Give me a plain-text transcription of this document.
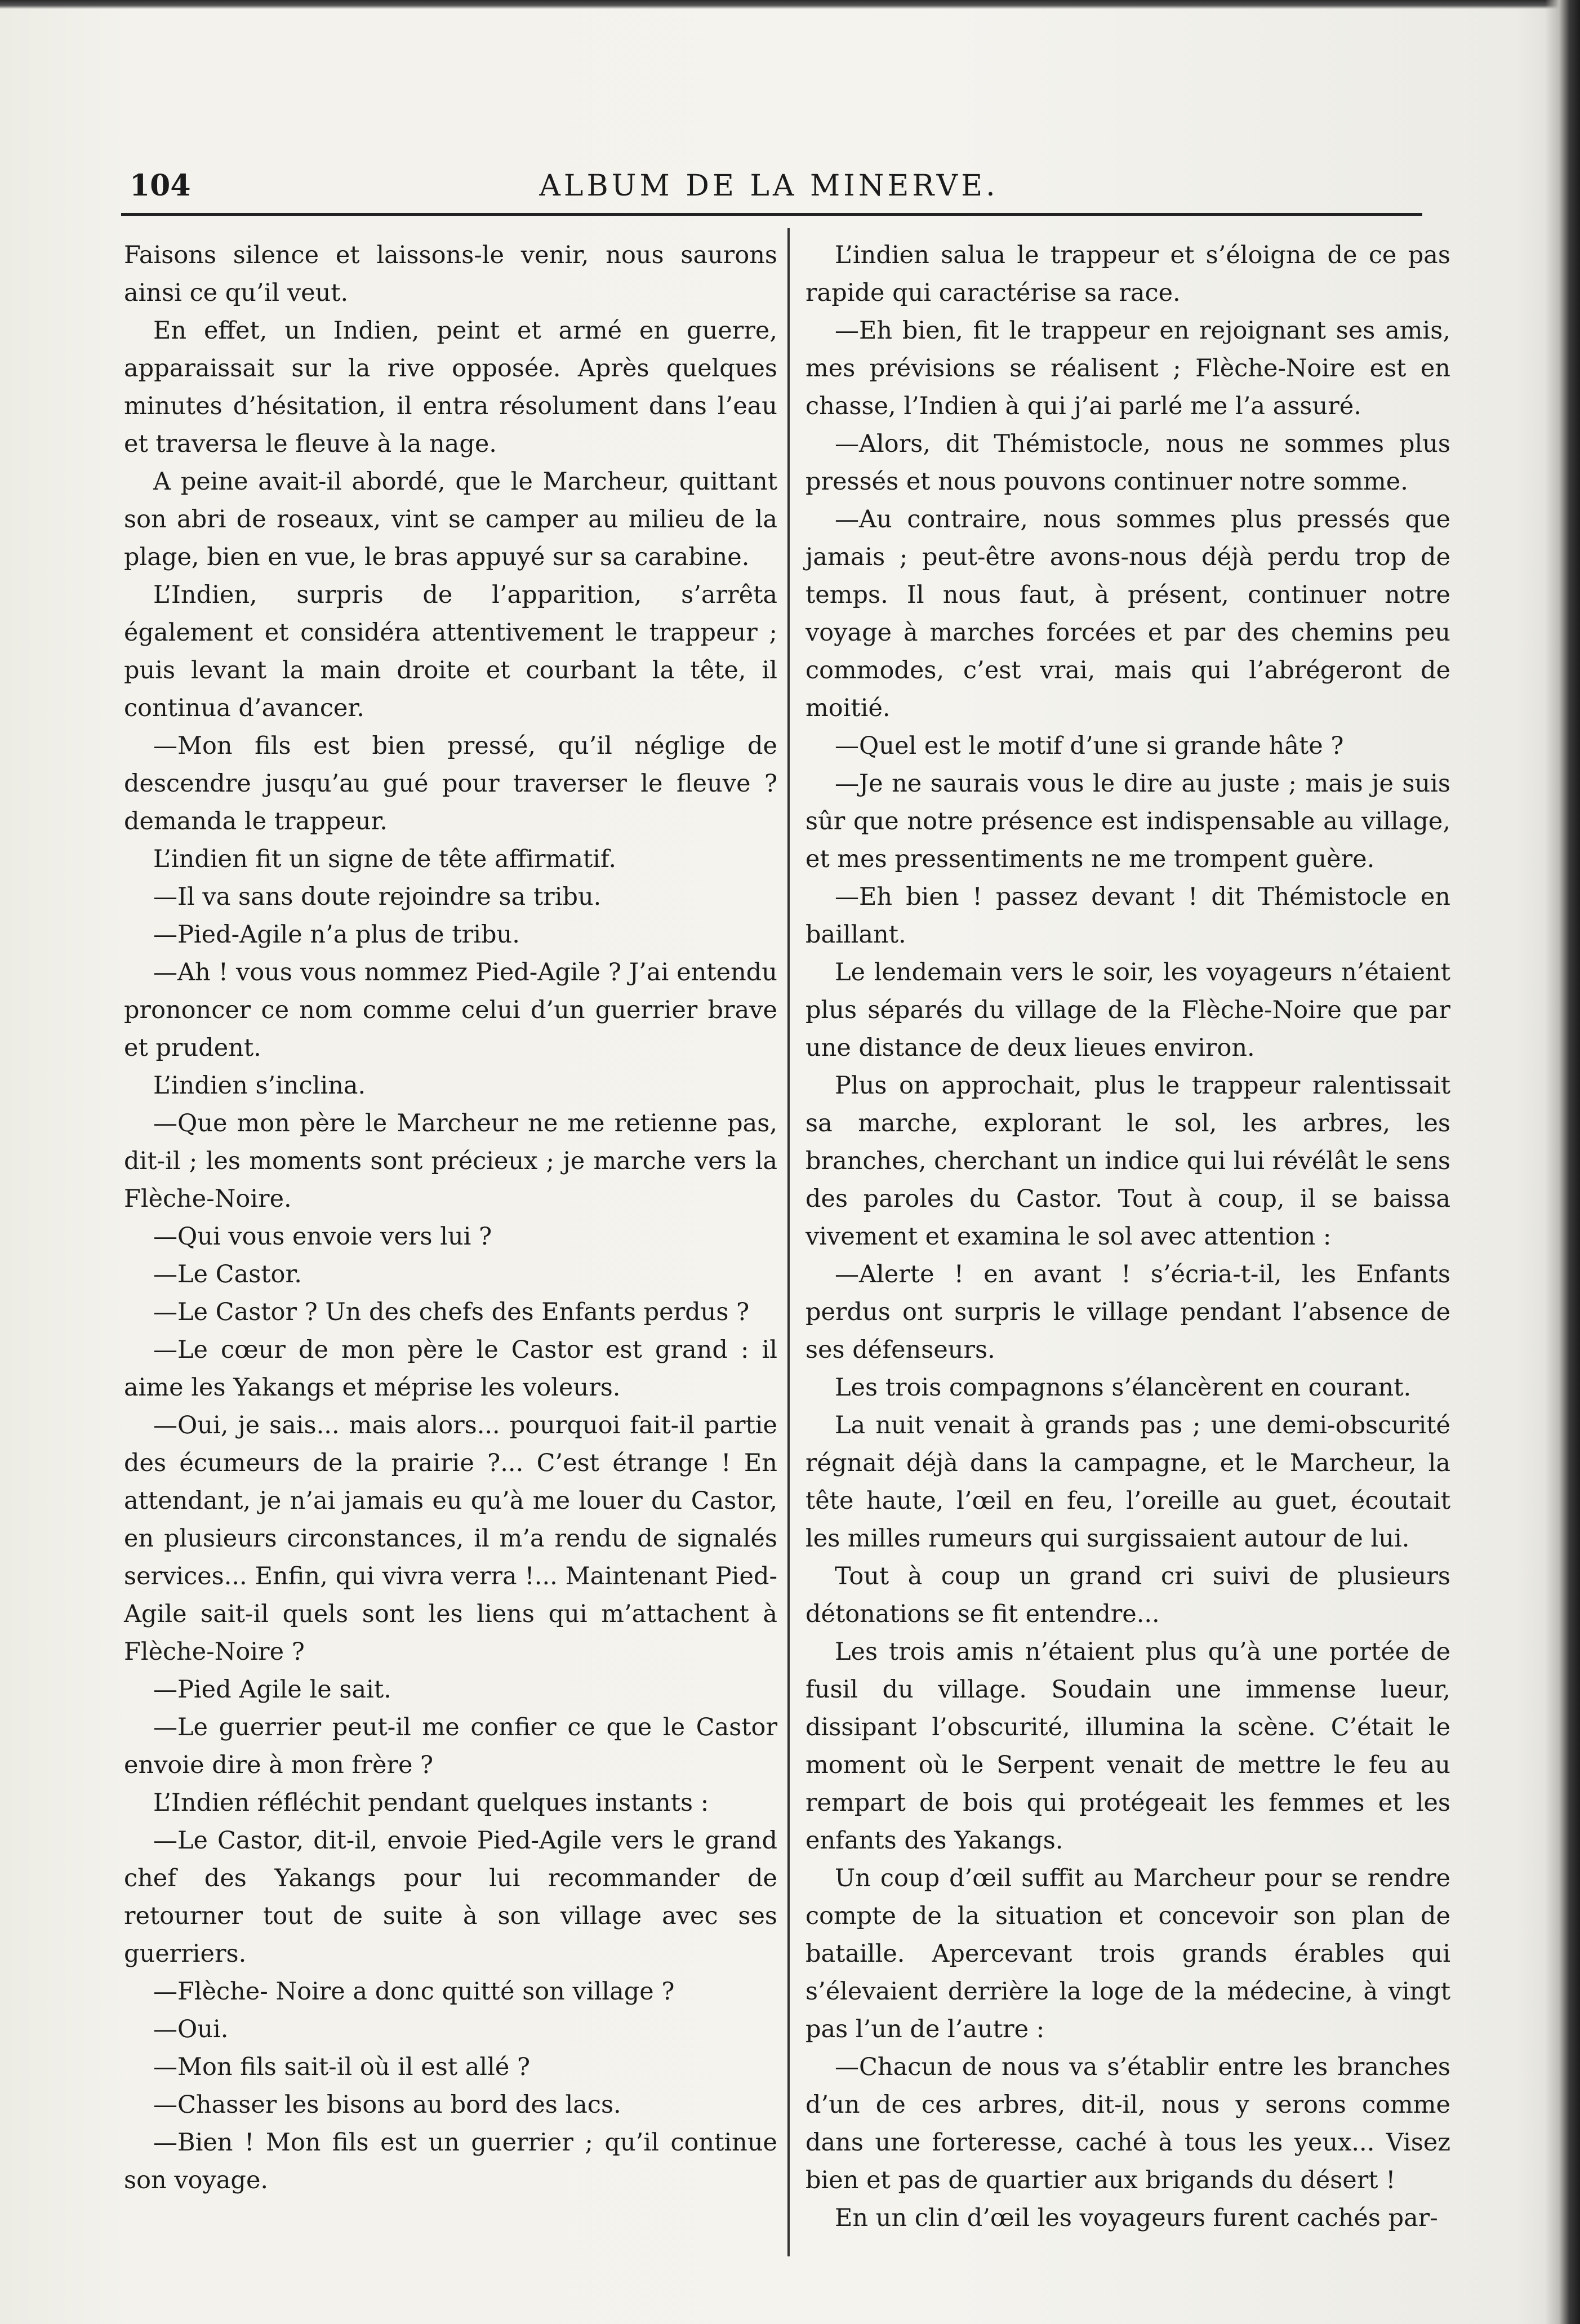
104	ALBUM DE LA MINERVE.

Faisons silence et laissons-le venir, nous saurons ainsi ce qu’il veut.

En effet, un Indien, peint et armé en guerre, apparaissait sur la rive opposée. Après quelques minutes d’hésitation, il entra résolument dans l’eau et traversa le fleuve à la nage.

A peine avait-il abordé, que le Marcheur, quittant son abri de roseaux, vint se camper au milieu de la plage, bien en vue, le bras appuyé sur sa carabine.

L’Indien, surpris de l’apparition, s’arrêta également et considéra attentivement le trappeur ; puis levant la main droite et courbant la tête, il continua d’avancer.

—Mon fils est bien pressé, qu’il néglige de descendre jusqu’au gué pour traverser le fleuve ? demanda le trappeur.

L’indien fit un signe de tête affirmatif.

—Il va sans doute rejoindre sa tribu.

—Pied-Agile n’a plus de tribu.

—Ah ! vous vous nommez Pied-Agile ? J’ai entendu prononcer ce nom comme celui d’un guerrier brave et prudent.

L’indien s’inclina.

—Que mon père le Marcheur ne me retienne pas, dit-il ; les moments sont précieux ; je marche vers la Flèche-Noire.

—Qui vous envoie vers lui ?

—Le Castor.

—Le Castor ? Un des chefs des Enfants perdus ?

—Le cœur de mon père le Castor est grand : il aime les Yakangs et méprise les voleurs.

—Oui, je sais... mais alors... pourquoi fait-il partie des écumeurs de la prairie ?... C’est étrange ! En attendant, je n’ai jamais eu qu’à me louer du Castor, en plusieurs circonstances, il m’a rendu de signalés services... Enfin, qui vivra verra !... Maintenant Pied-Agile sait-il quels sont les liens qui m’attachent à Flèche-Noire ?

—Pied Agile le sait.

—Le guerrier peut-il me confier ce que le Castor envoie dire à mon frère ?

L’Indien réfléchit pendant quelques instants :

—Le Castor, dit-il, envoie Pied-Agile vers le grand chef des Yakangs pour lui recommander de retourner tout de suite à son village avec ses guerriers.

—Flèche- Noire a donc quitté son village ?

—Oui.

—Mon fils sait-il où il est allé ?

—Chasser les bisons au bord des lacs.

—Bien ! Mon fils est un guerrier ; qu’il continue son voyage.

L’indien salua le trappeur et s’éloigna de ce pas rapide qui caractérise sa race.

—Eh bien, fit le trappeur en rejoignant ses amis, mes prévisions se réalisent ; Flèche-Noire est en chasse, l’Indien à qui j’ai parlé me l’a assuré.

—Alors, dit Thémistocle, nous ne sommes plus pressés et nous pouvons continuer notre somme.

—Au contraire, nous sommes plus pressés que jamais ; peut-être avons-nous déjà perdu trop de temps. Il nous faut, à présent, continuer notre voyage à marches forcées et par des chemins peu commodes, c’est vrai, mais qui l’abrégeront de moitié.

—Quel est le motif d’une si grande hâte ?

—Je ne saurais vous le dire au juste ; mais je suis sûr que notre présence est indispensable au village, et mes pressentiments ne me trompent guère.

—Eh bien ! passez devant ! dit Thémistocle en baillant.

Le lendemain vers le soir, les voyageurs n’étaient plus séparés du village de la Flèche-Noire que par une distance de deux lieues environ.

Plus on approchait, plus le trappeur ralentissait sa marche, explorant le sol, les arbres, les branches, cherchant un indice qui lui révélât le sens des paroles du Castor. Tout à coup, il se baissa vivement et examina le sol avec attention :

—Alerte ! en avant ! s’écria-t-il, les Enfants perdus ont surpris le village pendant l’absence de ses défenseurs.

Les trois compagnons s’élancèrent en courant.

La nuit venait à grands pas ; une demi-obscurité régnait déjà dans la campagne, et le Marcheur, la tête haute, l’œil en feu, l’oreille au guet, écoutait les milles rumeurs qui surgissaient autour de lui.

Tout à coup un grand cri suivi de plusieurs détonations se fit entendre...

Les trois amis n’étaient plus qu’à une portée de fusil du village. Soudain une immense lueur, dissipant l’obscurité, illumina la scène. C’était le moment où le Serpent venait de mettre le feu au rempart de bois qui protégeait les femmes et les enfants des Yakangs.

Un coup d’œil suffit au Marcheur pour se rendre compte de la situation et concevoir son plan de bataille. Apercevant trois grands érables qui s’élevaient derrière la loge de la médecine, à vingt pas l’un de l’autre :

—Chacun de nous va s’établir entre les branches d’un de ces arbres, dit-il, nous y serons comme dans une forteresse, caché à tous les yeux... Visez bien et pas de quartier aux brigands du désert !

En un clin d’œil les voyageurs furent cachés par-
